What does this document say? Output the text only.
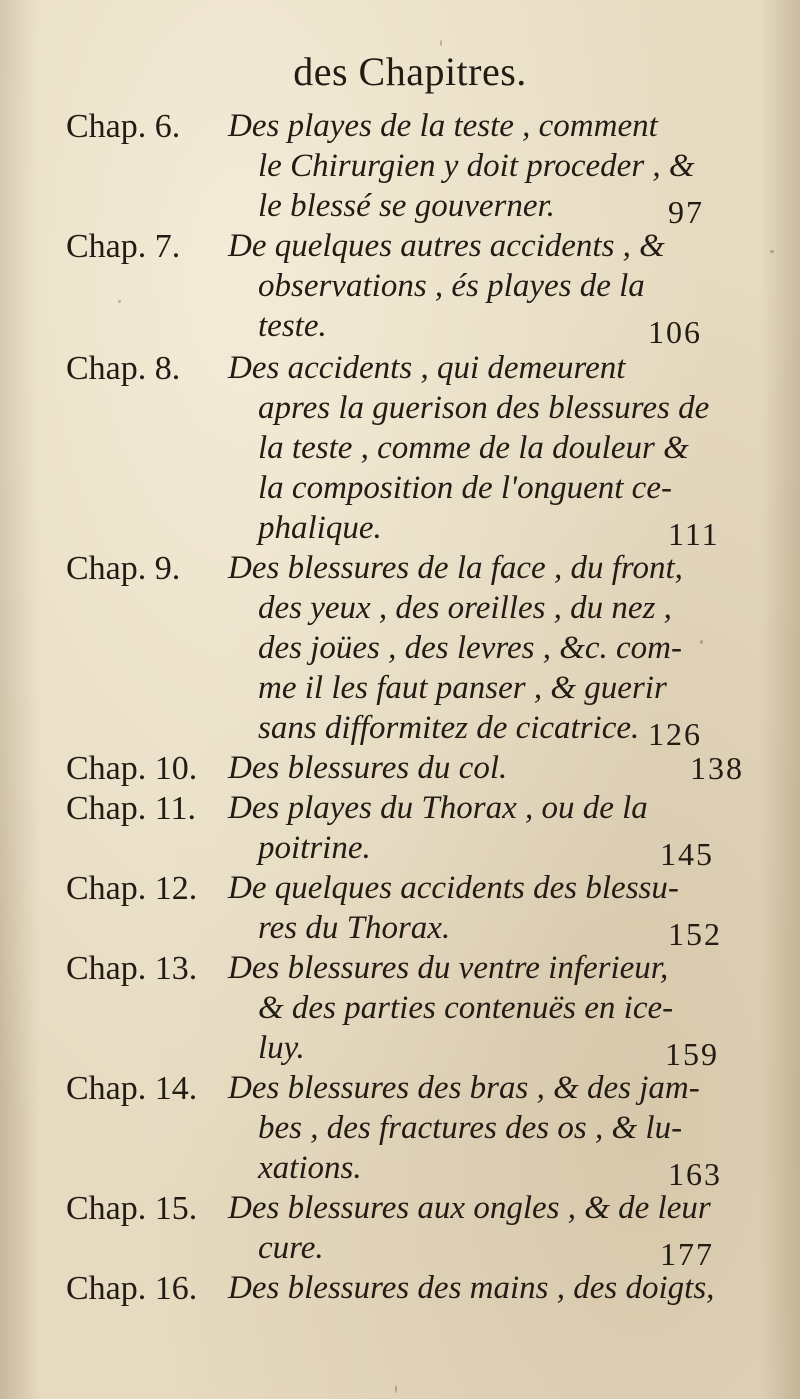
des Chapitres.
Chap. 6. Des playes de la teste , comment
le Chirurgien y doit proceder , &
le blessé se gouverner.	97
Chap. 7. De quelques autres accidents , &
observations , és playes de la
teste.	106
Chap. 8. Des accidents , qui demeurent
apres la guerison des blessures de
la teste , comme de la douleur &
la composition de l'onguent ce-
phalique.	111
Chap. 9. Des blessures de la face , du front,
des yeux , des oreilles , du nez ,
des joües , des levres , &c. com-
me il les faut panser , & guerir
sans difformitez de cicatrice. 126
Chap. 10. Des blessures du col.	138
Chap. 11. Des playes du Thorax , ou de la
poitrine.	145
Chap. 12. De quelques accidents des blessu-
res du Thorax.	152
Chap. 13. Des blessures du ventre inferieur,
& des parties contenuës en ice-
luy.	159
Chap. 14. Des blessures des bras , & des jam-
bes , des fractures des os , & lu-
xations.	163
Chap. 15. Des blessures aux ongles , & de leur
cure.	177
Chap. 16. Des blessures des mains , des doigts,
